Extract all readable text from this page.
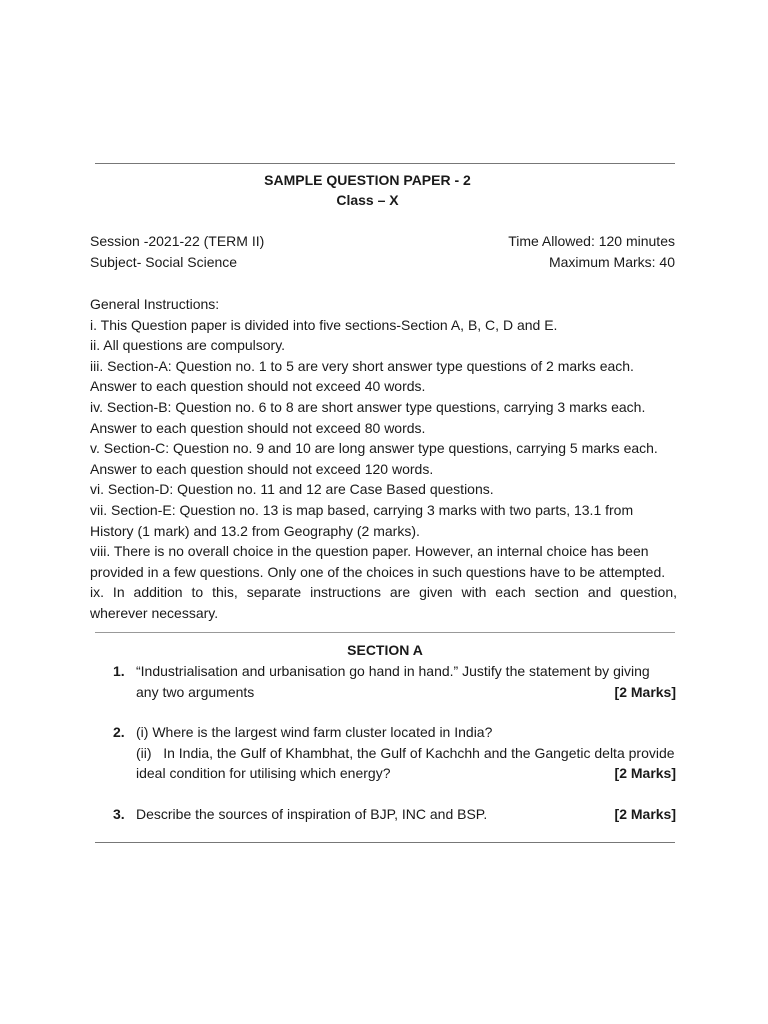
SAMPLE QUESTION PAPER - 2
Class – X
Session -2021-22 (TERM II)
Subject- Social Science
Time Allowed: 120 minutes
Maximum Marks: 40
General Instructions:
i. This Question paper is divided into five sections-Section A, B, C, D and E.
ii. All questions are compulsory.
iii. Section-A: Question no. 1 to 5 are very short answer type questions of 2 marks each.
Answer to each question should not exceed 40 words.
iv. Section-B: Question no. 6 to 8 are short answer type questions, carrying 3 marks each.
Answer to each question should not exceed 80 words.
v. Section-C: Question no. 9 and 10 are long answer type questions, carrying 5 marks each.
Answer to each question should not exceed 120 words.
vi. Section-D: Question no. 11 and 12 are Case Based questions.
vii. Section-E: Question no. 13 is map based, carrying 3 marks with two parts, 13.1 from
History (1 mark) and 13.2 from Geography (2 marks).
viii. There is no overall choice in the question paper. However, an internal choice has been
provided in a few questions. Only one of the choices in such questions have to be attempted.
ix. In addition to this, separate instructions are given with each section and question,
wherever necessary.
SECTION A
1. “Industrialisation and urbanisation go hand in hand.” Justify the statement by giving
any two arguments	[2 Marks]
2. (i) Where is the largest wind farm cluster located in India?
(ii)   In India, the Gulf of Khambhat, the Gulf of Kachchh and the Gangetic delta provide
ideal condition for utilising which energy?	[2 Marks]
3. Describe the sources of inspiration of BJP, INC and BSP.	[2 Marks]
